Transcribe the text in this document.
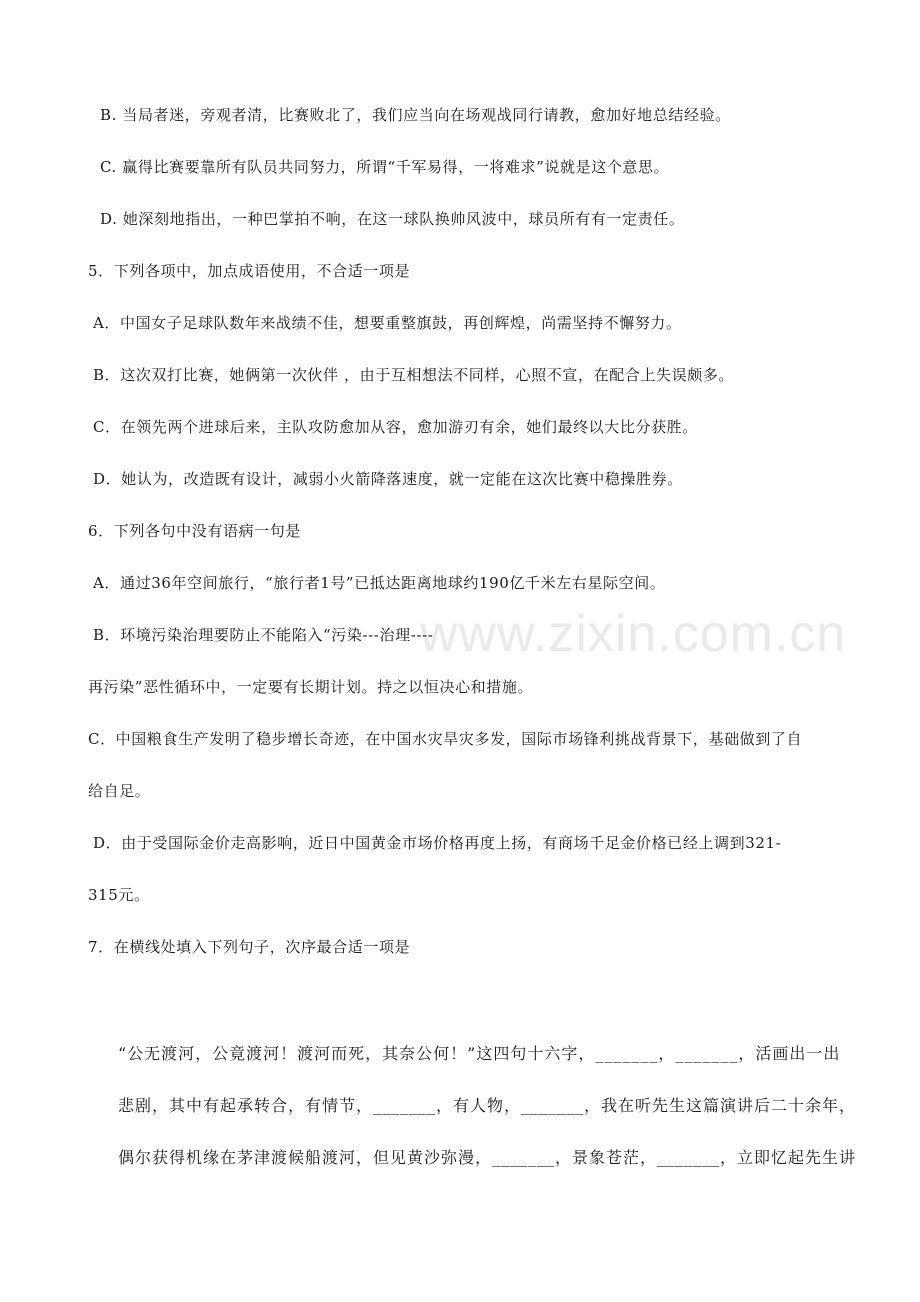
www.zixin.com.cn
B. 当局者迷，旁观者清，比赛败北了，我们应当向在场观战同行请教，愈加好地总结经验。
C. 赢得比赛要靠所有队员共同努力，所谓“千军易得，一将难求”说就是这个意思。
D. 她深刻地指出，一种巴掌拍不响，在这一球队换帅风波中，球员所有有一定责任。
5．下列各项中，加点成语使用，不合适一项是
A．中国女子足球队数年来战绩不佳，想要重整旗鼓，再创辉煌，尚需坚持不懈努力。
B．这次双打比赛，她俩第一次伙伴 ，由于互相想法不同样，心照不宣，在配合上失误颇多。
C．在领先两个进球后来，主队攻防愈加从容，愈加游刃有余，她们最终以大比分获胜。
D．她认为，改造既有设计，减弱小火箭降落速度，就一定能在这次比赛中稳操胜券。
6．下列各句中没有语病一句是
A．通过36年空间旅行，“旅行者1号”已抵达距离地球约190亿千米左右星际空间。
B．环境污染治理要防止不能陷入“污染---治理----
再污染”恶性循环中，一定要有长期计划。持之以恒决心和措施。
C．中国粮食生产发明了稳步增长奇迹，在中国水灾旱灾多发，国际市场锋利挑战背景下，基础做到了自
给自足。
D．由于受国际金价走高影响，近日中国黄金市场价格再度上扬，有商场千足金价格已经上调到321-
315元。
7．在横线处填入下列句子，次序最合适一项是
“公无渡河，公竟渡河！渡河而死，其奈公何！”这四句十六字，_______，_______，活画出一出
悲剧，其中有起承转合，有情节，_______，有人物，_______，我在听先生这篇演讲后二十余年，
偶尔获得机缘在茅津渡候船渡河，但见黄沙弥漫，_______，景象苍茫，_______，立即忆起先生讲
